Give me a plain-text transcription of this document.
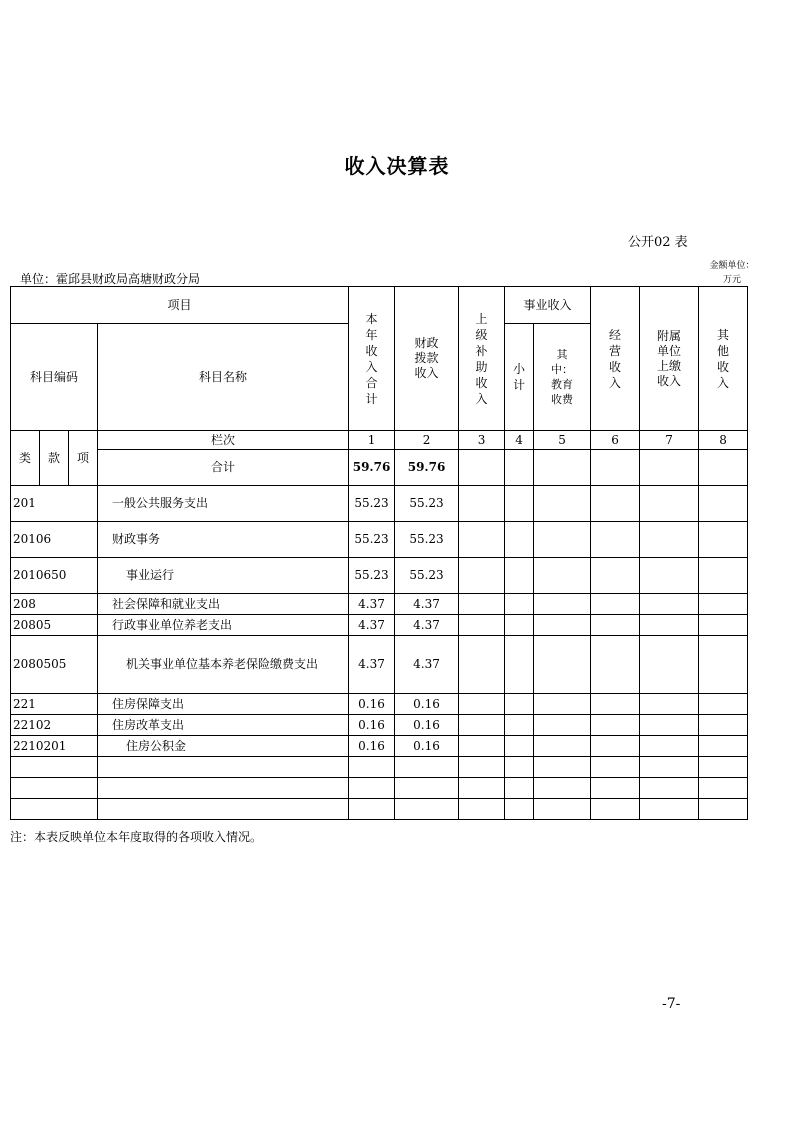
收入决算表
公开02 表
金额单位：万元
单位：霍邱县财政局高塘财政分局
项目				本年收入合计	财政拨款收入	上级补助收入	事业收入		经营收入	附属单位上缴收入	其他收入
科目编码			科目名称				小计	其中：教育收费			
类	款	项	栏次	1	2	3	4	5	6	7	8
			合计	59.76	59.76						
201			一般公共服务支出	55.23	55.23						
20106			财政事务	55.23	55.23						
2010650			事业运行	55.23	55.23						
208			社会保障和就业支出	4.37	4.37						
20805			行政事业单位养老支出	4.37	4.37						
2080505			机关事业单位基本养老保险缴费支出	4.37	4.37						
221			住房保障支出	0.16	0.16						
22102			住房改革支出	0.16	0.16						
2210201			住房公积金	0.16	0.16						

注：本表反映单位本年度取得的各项收入情况。
-7-
